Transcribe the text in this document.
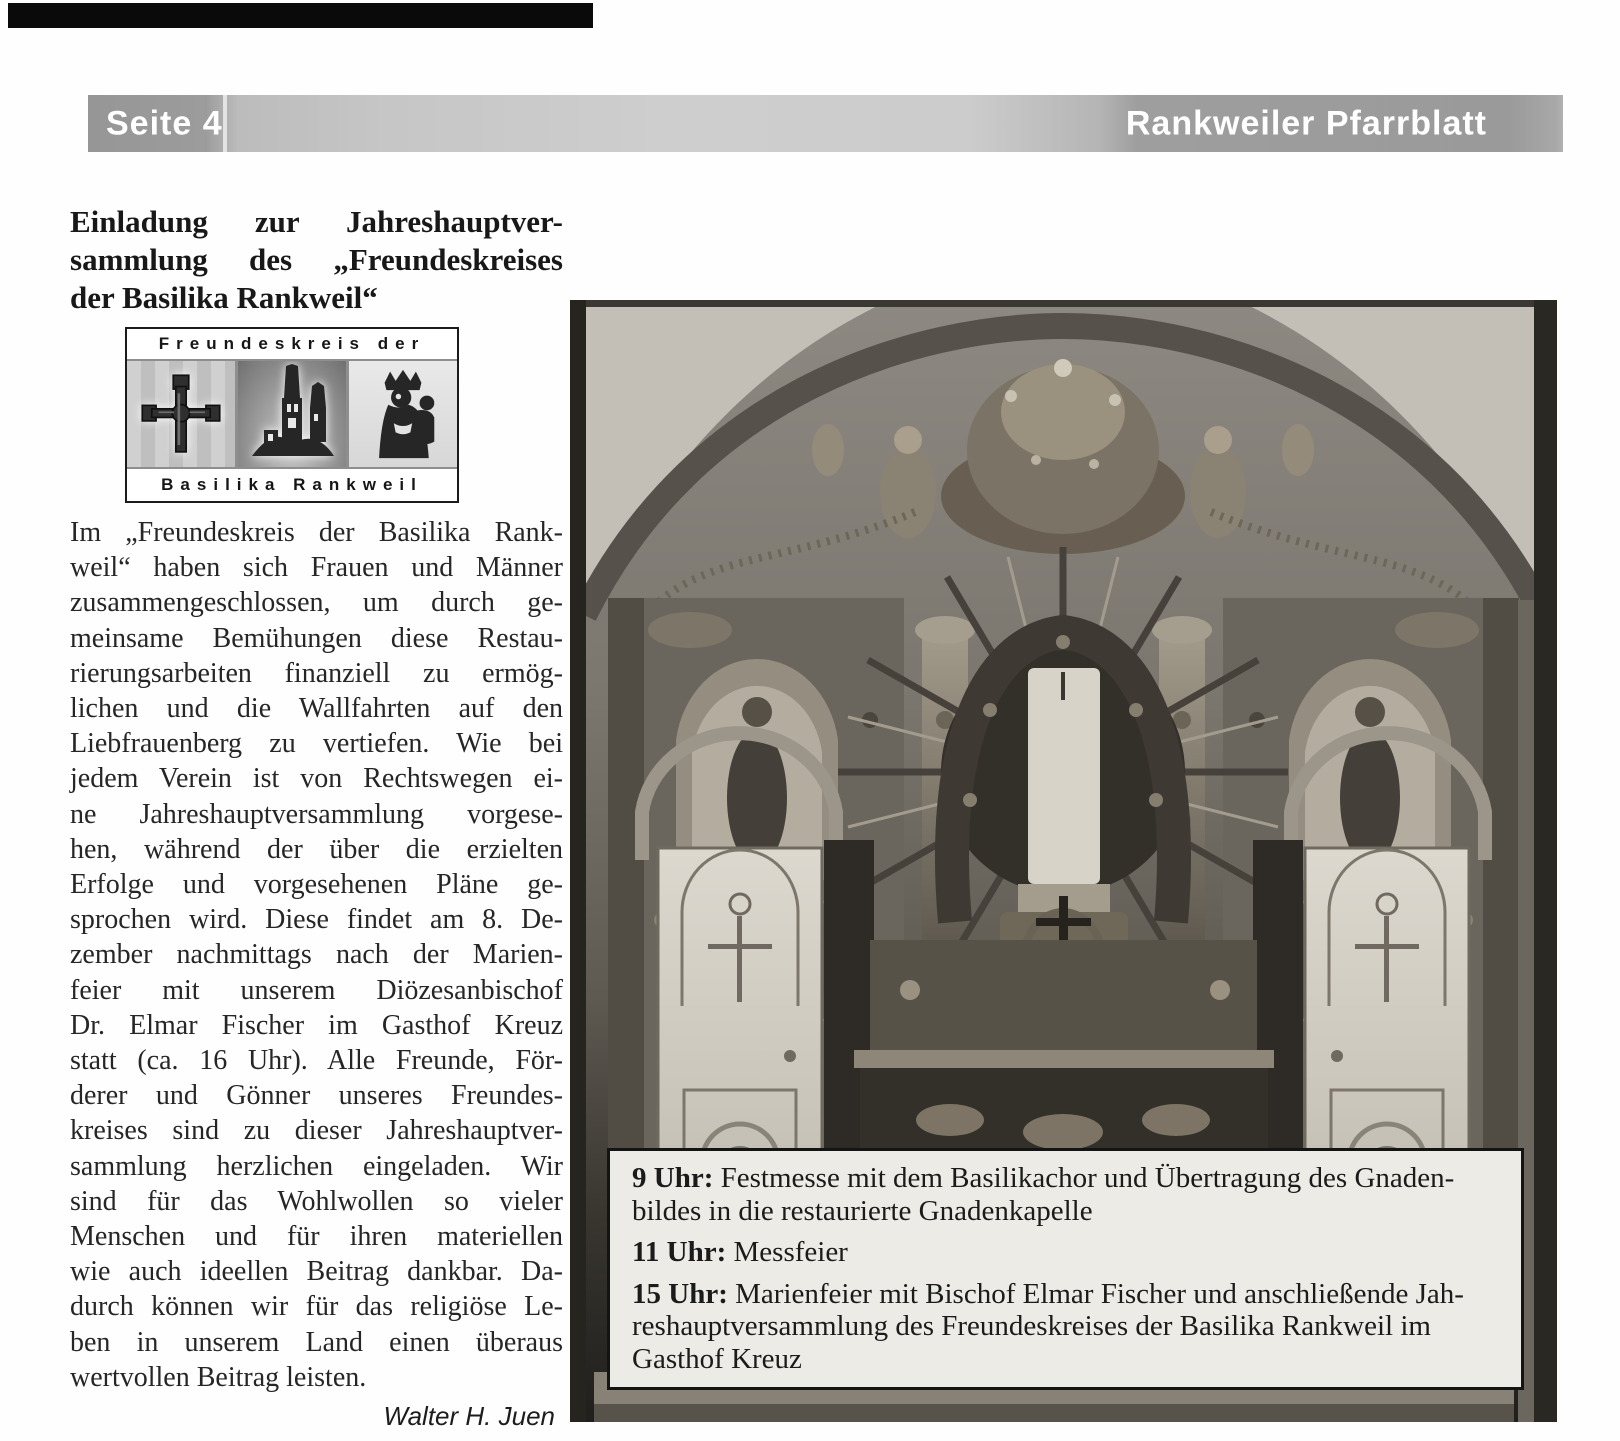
Seite 4	Rankweiler Pfarrblatt
Einladung zur Jahreshauptver-
sammlung des „Freundeskreises
der Basilika Rankweil“
Freundeskreis der
Basilika Rankweil
Im „Freundeskreis der Basilika Rank-
weil“ haben sich Frauen und Männer
zusammengeschlossen, um durch ge-
meinsame Bemühungen diese Restau-
rierungsarbeiten finanziell zu ermög-
lichen und die Wallfahrten auf den
Liebfrauenberg zu vertiefen. Wie bei
jedem Verein ist von Rechtswegen ei-
ne Jahreshauptversammlung vorgese-
hen, während der über die erzielten
Erfolge und vorgesehenen Pläne ge-
sprochen wird. Diese findet am 8. De-
zember nachmittags nach der Marien-
feier mit unserem Diözesanbischof
Dr. Elmar Fischer im Gasthof Kreuz
statt (ca. 16 Uhr). Alle Freunde, För-
derer und Gönner unseres Freundes-
kreises sind zu dieser Jahreshauptver-
sammlung herzlichen eingeladen. Wir
sind für das Wohlwollen so vieler
Menschen und für ihren materiellen
wie auch ideellen Beitrag dankbar. Da-
durch können wir für das religiöse Le-
ben in unserem Land einen überaus
wertvollen Beitrag leisten.
Walter H. Juen
9 Uhr: Festmesse mit dem Basilikachor und Übertragung des Gnaden-
bildes in die restaurierte Gnadenkapelle
11 Uhr: Messfeier
15 Uhr: Marienfeier mit Bischof Elmar Fischer und anschließende Jah-
reshauptversammlung des Freundeskreises der Basilika Rankweil im
Gasthof Kreuz
